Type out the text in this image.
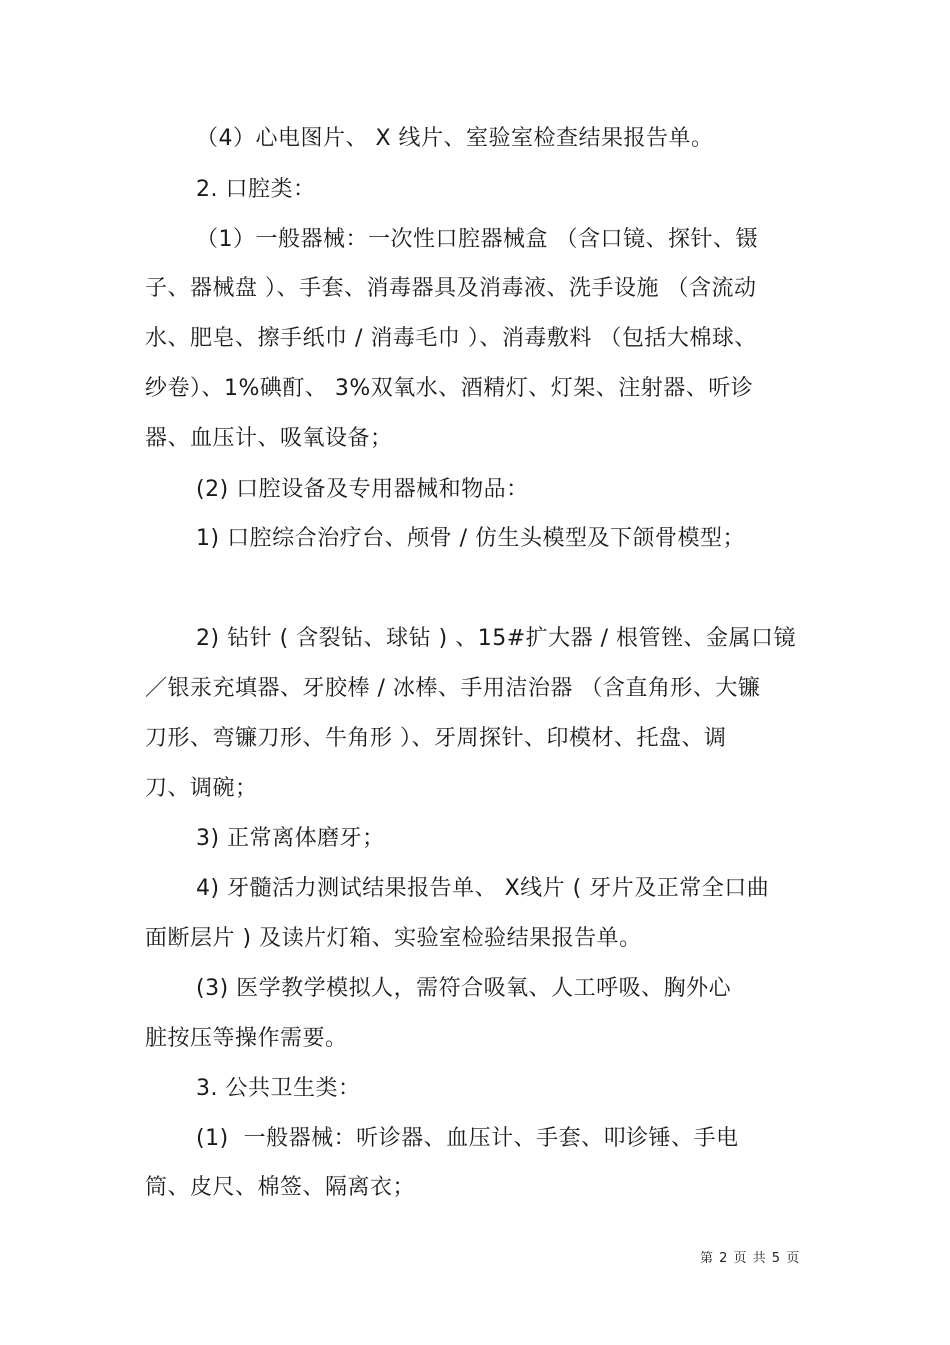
（4）心电图片、 X 线片、室验室检查结果报告单。
2. 口腔类：
（1）一般器械：一次性口腔器械盒 （含口镜、探针、镊
子、器械盘 ）、手套、消毒器具及消毒液、洗手设施 （含流动
水、肥皂、擦手纸巾 / 消毒毛巾 ）、消毒敷料 （包括大棉球、
纱卷）、1%碘酊、 3%双氧水、酒精灯、灯架、注射器、听诊
器、血压计、吸氧设备；
(2) 口腔设备及专用器械和物品：
1) 口腔综合治疗台、颅骨 / 仿生头模型及下颌骨模型；
2) 钻针 ( 含裂钻、球钻 ) 、15#扩大器 / 根管锉、金属口镜
／银汞充填器、牙胶棒 / 冰棒、手用洁治器 （含直角形、大镰
刀形、弯镰刀形、牛角形 ）、牙周探针、印模材、托盘、调
刀、调碗；
3) 正常离体磨牙；
4) 牙髓活力测试结果报告单、 X线片 ( 牙片及正常全口曲
面断层片 ) 及读片灯箱、实验室检验结果报告单。
(3) 医学教学模拟人，需符合吸氧、人工呼吸、胸外心
脏按压等操作需要。
3. 公共卫生类：
(1)  一般器械：听诊器、血压计、手套、叩诊锤、手电
筒、皮尺、棉签、隔离衣；
第 2 页 共 5 页
